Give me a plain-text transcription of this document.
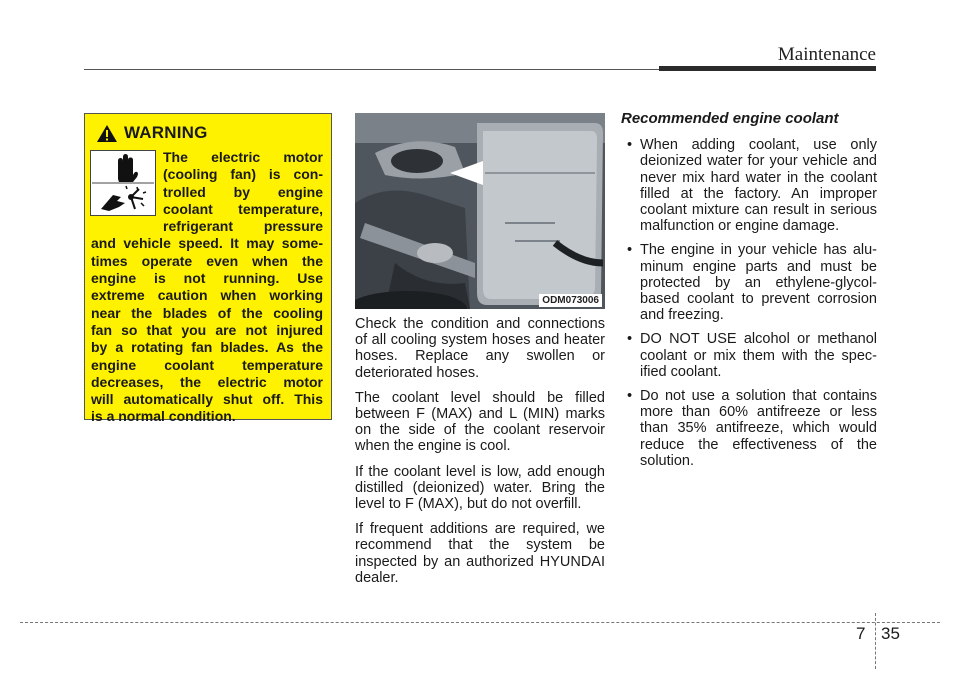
Maintenance
WARNING
The electric motor
(cooling fan) is con-
trolled by engine
coolant temperature,
refrigerant pressure
and vehicle speed. It may some-
times operate even when the
engine is not running. Use
extreme caution when working
near the blades of the cooling
fan so that you are not injured
by a rotating fan blades. As the
engine coolant temperature
decreases, the electric motor
will automatically shut off. This
is a normal condition.
ODM073006

Check the condition and connections of all cooling system hoses and heater hoses. Replace any swollen or deteriorated hoses.

The coolant level should be filled between F (MAX) and L (MIN) marks on the side of the coolant reservoir when the engine is cool.

If the coolant level is low, add enough distilled (deionized) water. Bring the level to F (MAX), but do not overfill.

If frequent additions are required, we recommend that the system be inspected by an authorized HYUNDAI dealer.

Recommended engine coolant
• When adding coolant, use only deionized water for your vehicle and never mix hard water in the coolant filled at the factory. An improper coolant mixture can result in serious malfunction or engine damage.
• The engine in your vehicle has alu-minum engine parts and must be protected by an ethylene-glycol-based coolant to prevent corrosion and freezing.
• DO NOT USE alcohol or methanol coolant or mix them with the spec-ified coolant.
• Do not use a solution that contains more than 60% antifreeze or less than 35% antifreeze, which would reduce the effectiveness of the solution.
7 35
